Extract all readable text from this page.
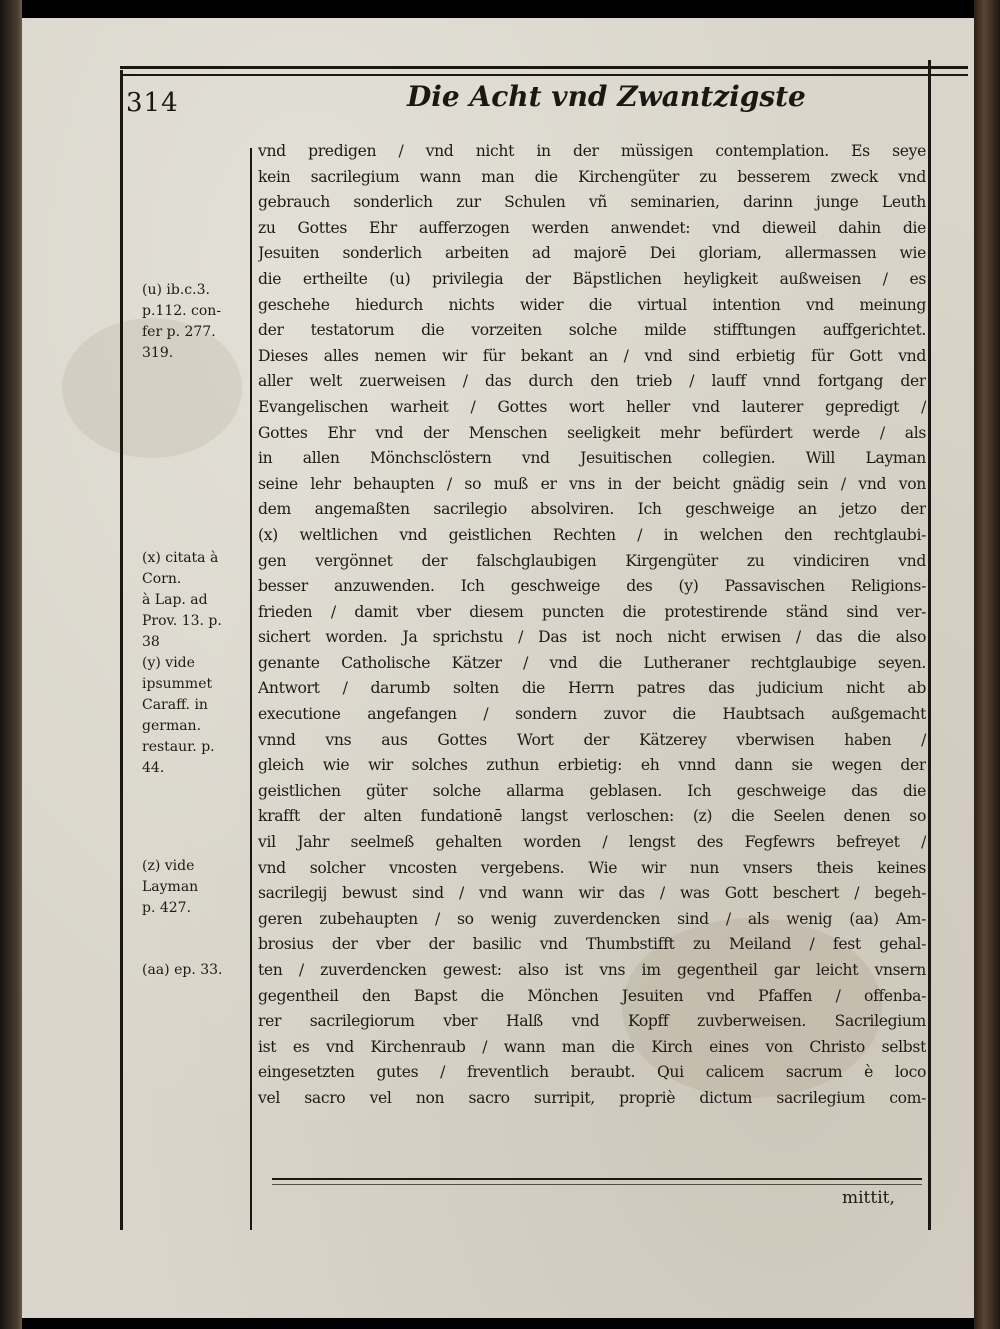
314	Die Acht vnd Zwantzigste
vnd predigen / vnd nicht in der müssigen contemplation. Es seye
kein sacrilegium wann man die Kirchengüter zu besserem zweck vnd
gebrauch sonderlich zur Schulen vñ seminarien, darinn junge Leuth
zu Gottes Ehr aufferzogen werden anwendet: vnd dieweil dahin die
Jesuiten sonderlich arbeiten ad majorē Dei gloriam, allermassen wie
die ertheilte (u) privilegia der Bäpstlichen heyligkeit außweisen / es
geschehe hiedurch nichts wider die virtual intention vnd meinung
der testatorum die vorzeiten solche milde stifftungen auffgerichtet.
Dieses alles nemen wir für bekant an / vnd sind erbietig für Gott vnd
aller welt zuerweisen / das durch den trieb / lauff vnnd fortgang der
Evangelischen warheit / Gottes wort heller vnd lauterer gepredigt /
Gottes Ehr vnd der Menschen seeligkeit mehr befürdert werde / als
in allen Mönchsclöstern vnd Jesuitischen collegien. Will Layman
seine lehr behaupten / so muß er vns in der beicht gnädig sein / vnd von
dem angemaßten sacrilegio absolviren. Ich geschweige an jetzo der
(x) weltlichen vnd geistlichen Rechten / in welchen den rechtglaubi-
gen vergönnet der falschglaubigen Kirgengüter zu vindiciren vnd
besser anzuwenden. Ich geschweige des (y) Passavischen Religions-
frieden / damit vber diesem puncten die protestirende ständ sind ver-
sichert worden. Ja sprichstu / Das ist noch nicht erwisen / das die also
genante Catholische Kätzer / vnd die Lutheraner rechtglaubige seyen.
Antwort / darumb solten die Herrn patres das judicium nicht ab
executione angefangen / sondern zuvor die Haubtsach außgemacht
vnnd vns aus Gottes Wort der Kätzerey vberwisen haben /
gleich wie wir solches zuthun erbietig: eh vnnd dann sie wegen der
geistlichen güter solche allarma geblasen. Ich geschweige das die
krafft der alten fundationē langst verloschen: (z) die Seelen denen so
vil Jahr seelmeß gehalten worden / lengst des Fegfewrs befreyet /
vnd solcher vncosten vergebens. Wie wir nun vnsers theis keines
sacrilegij bewust sind / vnd wann wir das / was Gott beschert / begeh-
geren zubehaupten / so wenig zuverdencken sind / als wenig (aa) Am-
brosius der vber der basilic vnd Thumbstifft zu Meiland / fest gehal-
ten / zuverdencken gewest: also ist vns im gegentheil gar leicht vnsern
gegentheil den Bapst die Mönchen Jesuiten vnd Pfaffen / offenba-
rer sacrilegiorum vber Halß vnd Kopff zuvberweisen. Sacrilegium
ist es vnd Kirchenraub / wann man die Kirch eines von Christo selbst
eingesetzten gutes / freventlich beraubt. Qui calicem sacrum è loco
vel sacro vel non sacro surripit, propriè dictum sacrilegium com-
mittit,
(u) ib.c.3.
p.112. con-
fer p. 277.
319.
(x) citata à
Corn.
à Lap. ad
Prov. 13. p.
38
(y) vide
ipsummet
Caraff. in
german.
restaur. p.
44.
(z) vide
Layman
p. 427.
(aa) ep. 33.
